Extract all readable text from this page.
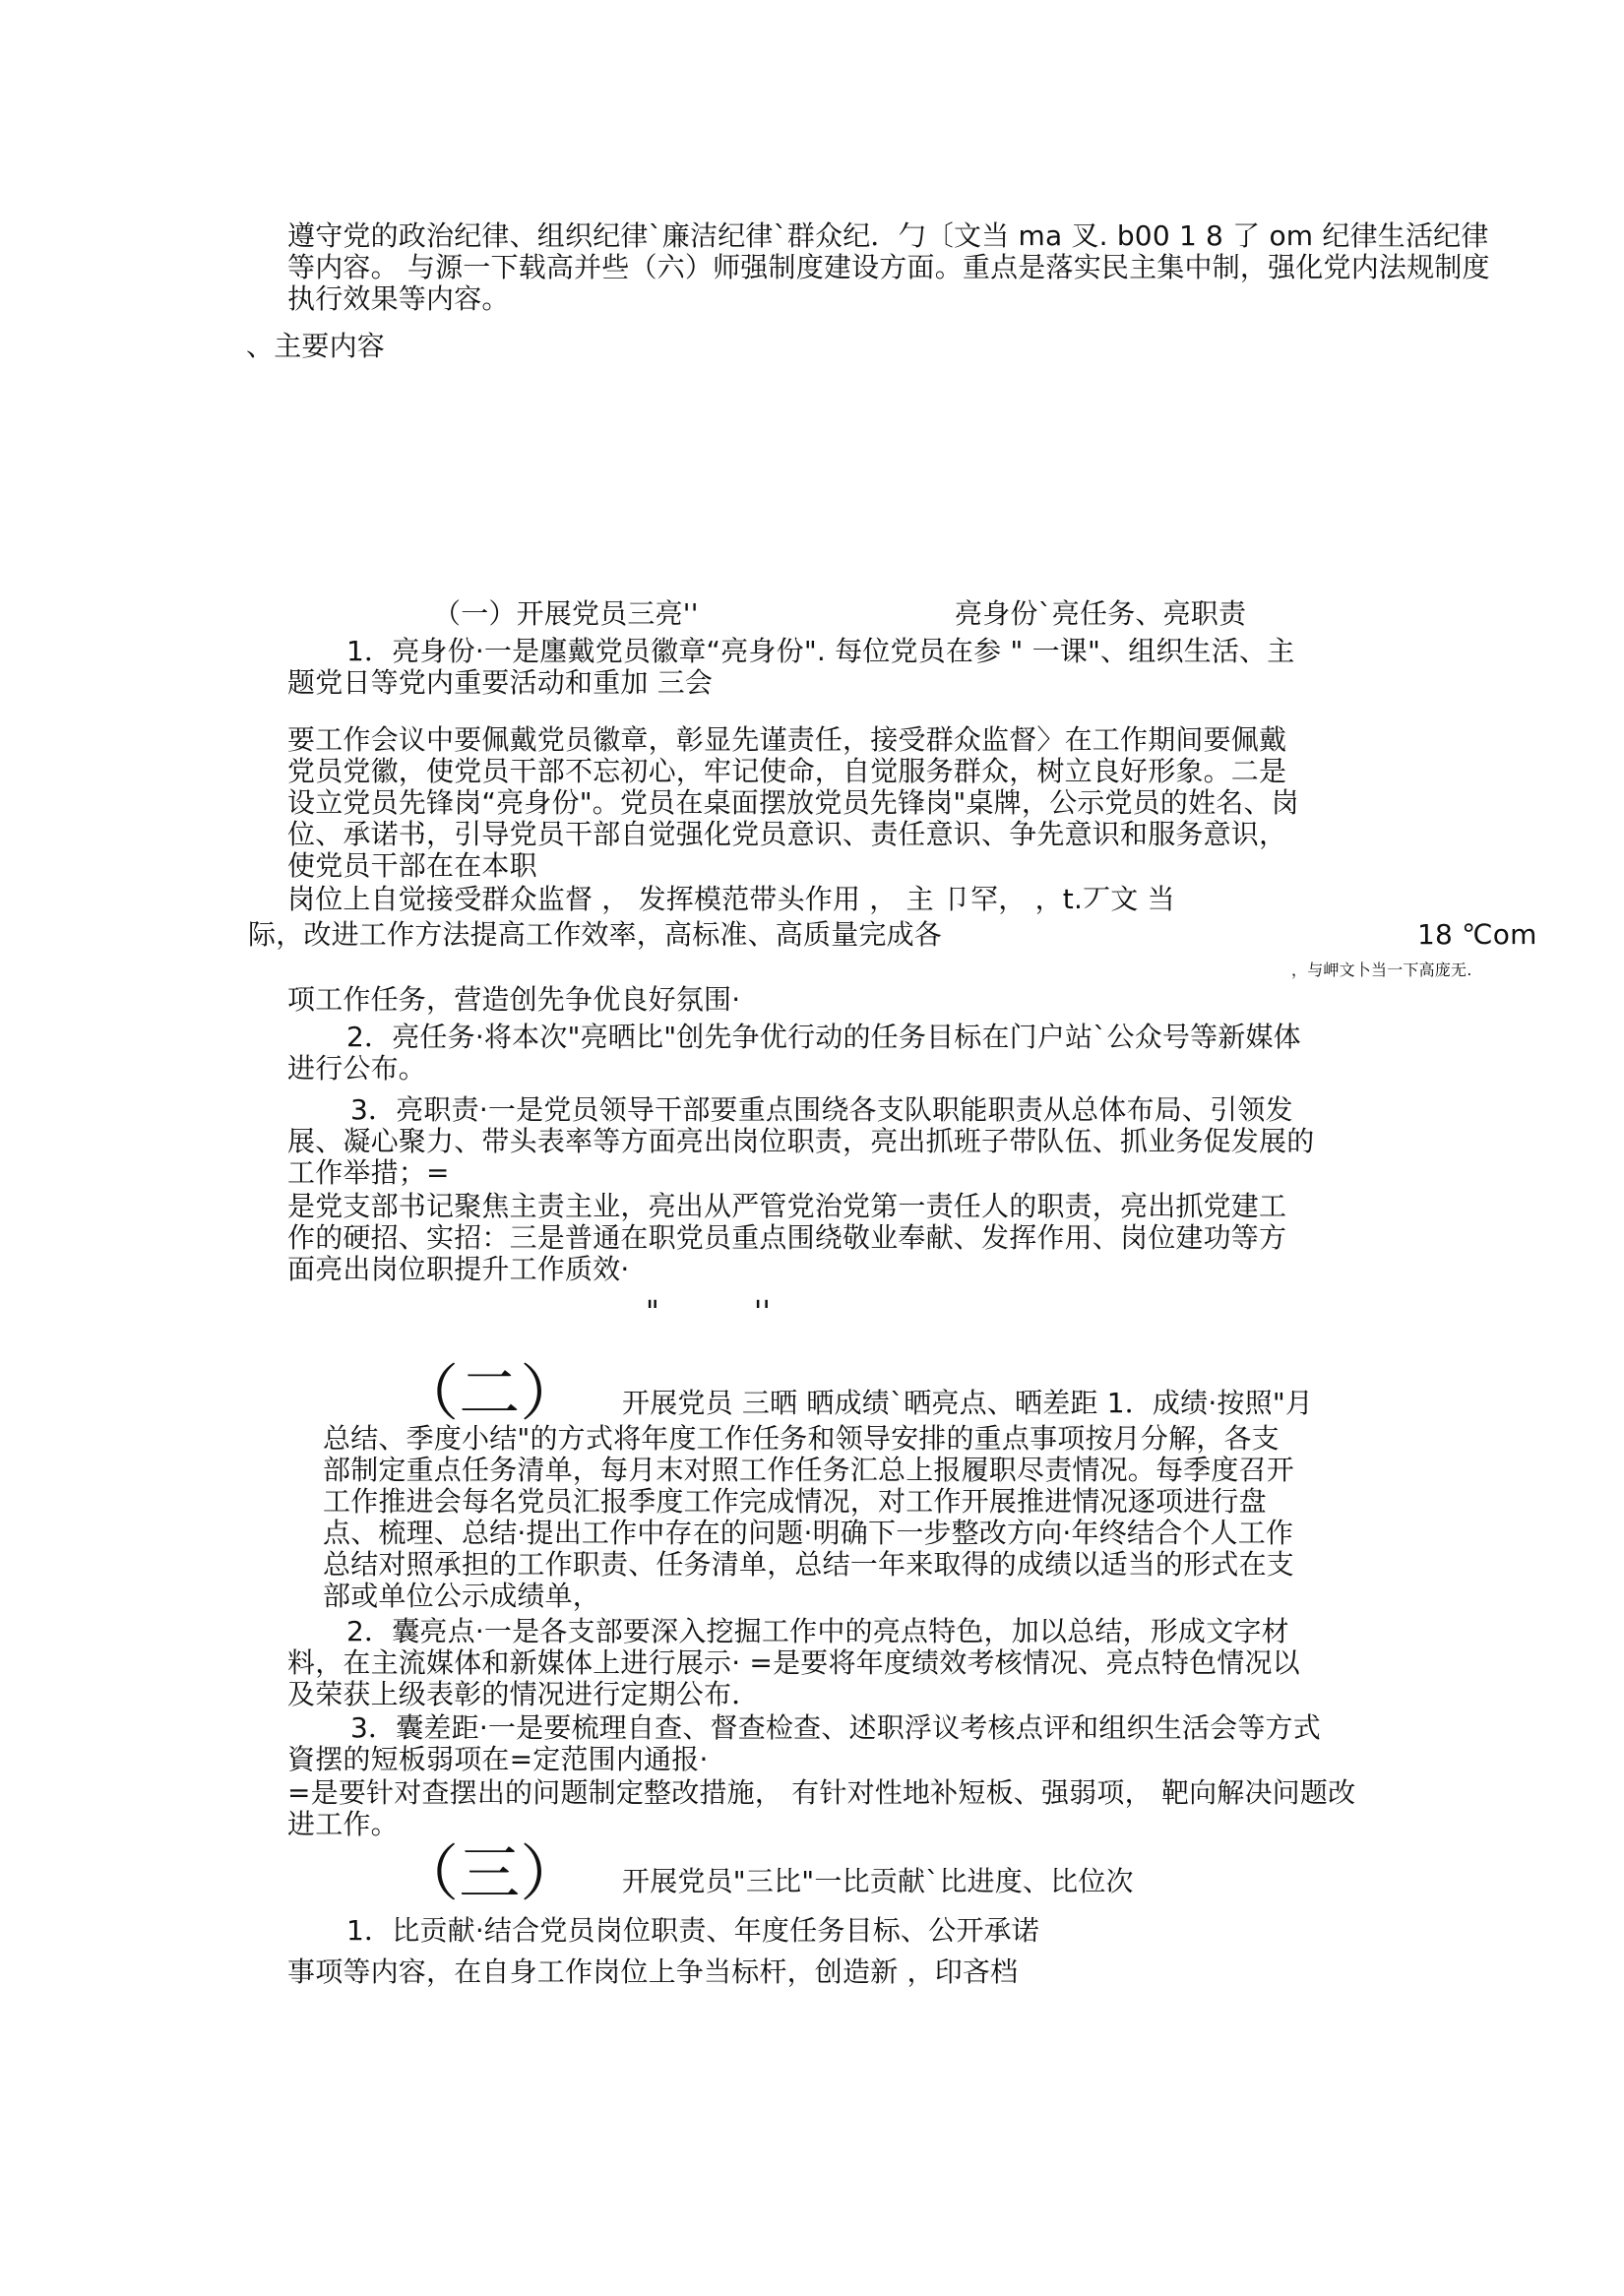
遵守党的政治纪律、组织纪律`廉洁纪律`群众纪．勹〔文当 ma 叉. b00 1 8 了 om 纪律生活纪律
等内容。 与源一下载高并些（六）师强制度建设方面。重点是落实民主集中制，强化党内法规制度
执行效果等内容。
、主要内容
（一）开展党员三亮''	亮身份`亮任务、亮职责
1．亮身份·一是廛戴党员徽章“亮身份". 每位党员在参 " 一课"、组织生活、主
题党日等党内重要活动和重加 三会
要工作会议中要佩戴党员徽章，彰显先谨责任，接受群众监督〉在工作期间要佩戴
党员党徽，使党员干部不忘初心，牢记使命，自觉服务群众，树立良好形象。二是
设立党员先锋岗“亮身份"。党员在桌面摆放党员先锋岗"桌牌，公示党员的姓名、岗
位、承诺书，引导党员干部自觉强化党员意识、责任意识、争先意识和服务意识，
使党员干部在在本职
岗位上自觉接受群众监督 ， 发挥模范带头作用 ， 主 卩罕， ，t.丆文 当
际，改进工作方法提高工作效率，高标准、高质量完成各	18 ℃om
，与岬文卜当一下高庞无.
项工作任务，营造创先争优良好氛围·
2．亮任务·将本次"亮晒比"创先争优行动的任务目标在门户站`公众号等新媒体
进行公布。
3．亮职责·一是党员领导干部要重点围绕各支队职能职责从总体布局、引领发
展、凝心聚力、带头表率等方面亮出岗位职责，亮出抓班子带队伍、抓业务促发展的
工作举措；=
是党支部书记聚焦主责主业，亮出从严管党治党第一责任人的职责，亮出抓党建工
作的硬招、实招：三是普通在职党员重点围绕敬业奉献、发挥作用、岗位建功等方
面亮出岗位职提升工作质效·
"	''
（二） 开展党员 三晒 晒成绩`晒亮点、晒差距 1．成绩·按照"月
总结、季度小结"的方式将年度工作任务和领导安排的重点事项按月分解，各支
部制定重点任务清单，每月末对照工作任务汇总上报履职尽责情况。每季度召开
工作推进会每名党员汇报季度工作完成情况，对工作开展推进情况逐项进行盘
点、梳理、总结·提出工作中存在的问题·明确下一步整改方向·年终结合个人工作
总结对照承担的工作职责、任务清单，总结一年来取得的成绩以适当的形式在支
部或单位公示成绩单，
2．囊亮点·一是各支部要深入挖掘工作中的亮点特色，加以总结，形成文字材
料，在主流媒体和新媒体上进行展示· =是要将年度绩效考核情况、亮点特色情况以
及荣获上级表彰的情况进行定期公布．
3．囊差距·一是要梳理自查、督查检查、述职浮议考核点评和组织生活会等方式
資摆的短板弱项在=定范围内通报·
=是要针对查摆出的问题制定整改措施， 有针对性地补短板、强弱项， 靶向解决问题改
进工作。
（三） 开展党员"三比"一比贡献`比进度、比位次
1．比贡献·结合党员岗位职责、年度任务目标、公开承诺
事项等内容，在自身工作岗位上争当标杆，创造新 ，印吝档
